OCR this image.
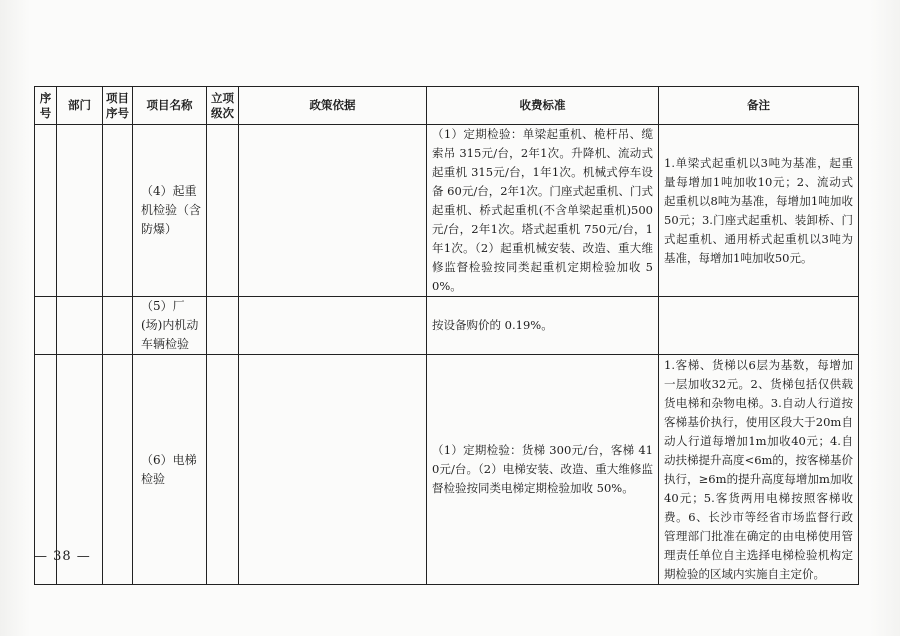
序号	部门	项目序号	项目名称	立项级次	政策依据	收费标准	备注
			（4）起重机检验（含防爆）			（1）定期检验：单梁起重机、桅杆吊、缆索吊 315元/台，2年1次。升降机、流动式起重机 315元/台，1年1次。机械式停车设备 60元/台，2年1次。门座式起重机、门式起重机、桥式起重机(不含单梁起重机)500元/台，2年1次。塔式起重机 750元/台，1年1次。（2）起重机械安装、改造、重大维修监督检验按同类起重机定期检验加收 50%。	1.单梁式起重机以3吨为基准，起重量每增加1吨加收10元；2、流动式起重机以8吨为基准，每增加1吨加收50元；3.门座式起重机、装卸桥、门式起重机、通用桥式起重机以3吨为基准，每增加1吨加收50元。
			（5）厂(场)内机动车辆检验			按设备购价的 0.19%。	
			（6）电梯检验			（1）定期检验：货梯 300元/台，客梯 410元/台。（2）电梯安装、改造、重大维修监督检验按同类电梯定期检验加收 50%。	1.客梯、货梯以6层为基数，每增加一层加收32元。2、货梯包括仅供载货电梯和杂物电梯。3.自动人行道按客梯基价执行，使用区段大于20m自动人行道每增加1m加收40元；4.自动扶梯提升高度<6m的，按客梯基价执行，≥6m的提升高度每增加m加收40元；5.客货两用电梯按照客梯收费。6、长沙市等经省市场监督行政管理部门批准在确定的由电梯使用管理责任单位自主选择电梯检验机构定期检验的区域内实施自主定价。
— 38 —
